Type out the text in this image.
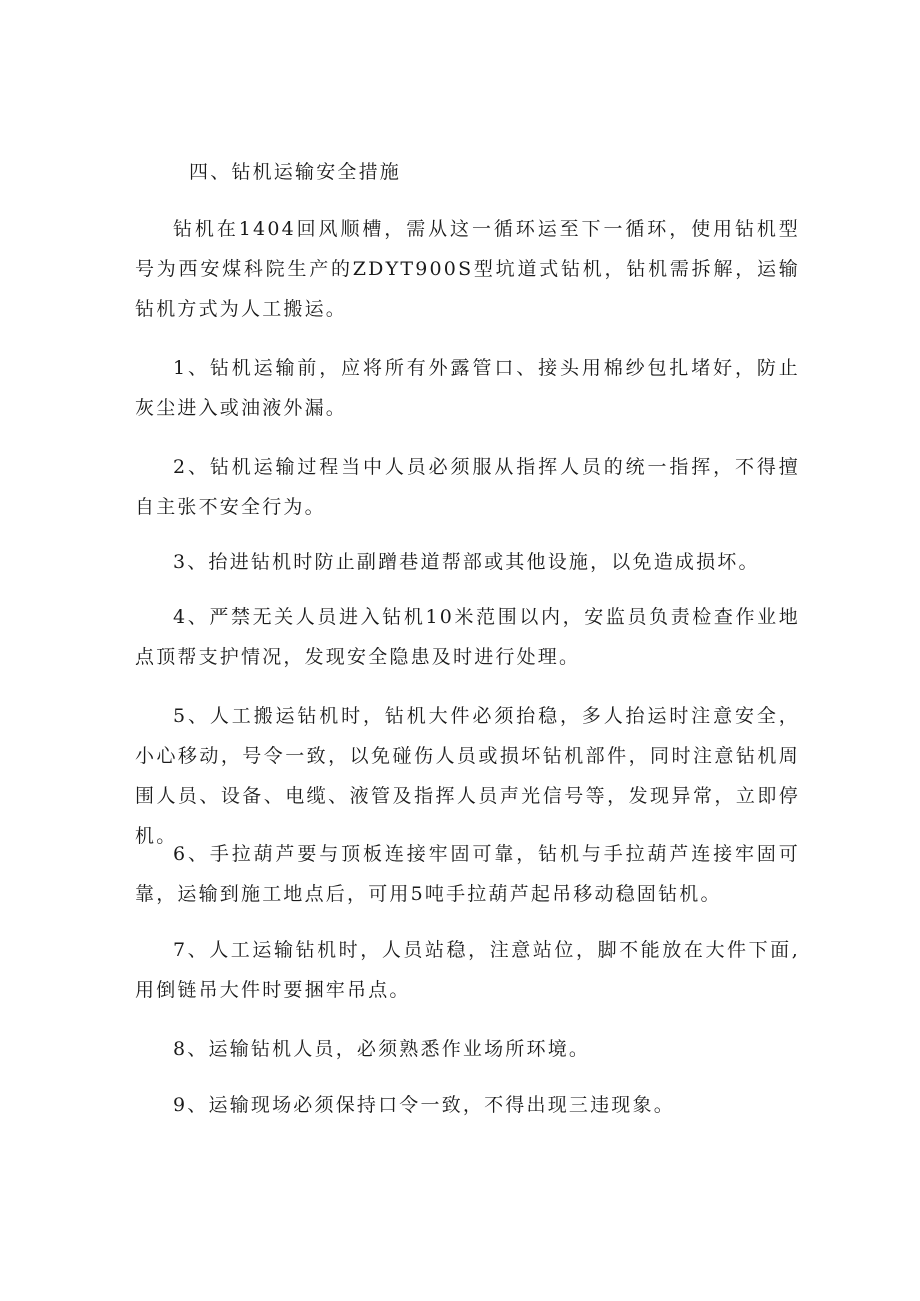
四、钻机运输安全措施

钻机在1404回风顺槽，需从这一循环运至下一循环，使用钻机型号为西安煤科院生产的ZDYT900S型坑道式钻机，钻机需拆解，运输钻机方式为人工搬运。

1、钻机运输前，应将所有外露管口、接头用棉纱包扎堵好，防止灰尘进入或油液外漏。

2、钻机运输过程当中人员必须服从指挥人员的统一指挥，不得擅自主张不安全行为。

3、抬进钻机时防止副蹭巷道帮部或其他设施，以免造成损坏。

4、严禁无关人员进入钻机10米范围以内，安监员负责检查作业地点顶帮支护情况，发现安全隐患及时进行处理。

5、人工搬运钻机时，钻机大件必须抬稳，多人抬运时注意安全，小心移动，号令一致，以免碰伤人员或损坏钻机部件，同时注意钻机周围人员、设备、电缆、液管及指挥人员声光信号等，发现异常，立即停机。

6、手拉葫芦要与顶板连接牢固可靠，钻机与手拉葫芦连接牢固可靠，运输到施工地点后，可用5吨手拉葫芦起吊移动稳固钻机。

7、人工运输钻机时，人员站稳，注意站位，脚不能放在大件下面,用倒链吊大件时要捆牢吊点。

8、运输钻机人员，必须熟悉作业场所环境。

9、运输现场必须保持口令一致，不得出现三违现象。
